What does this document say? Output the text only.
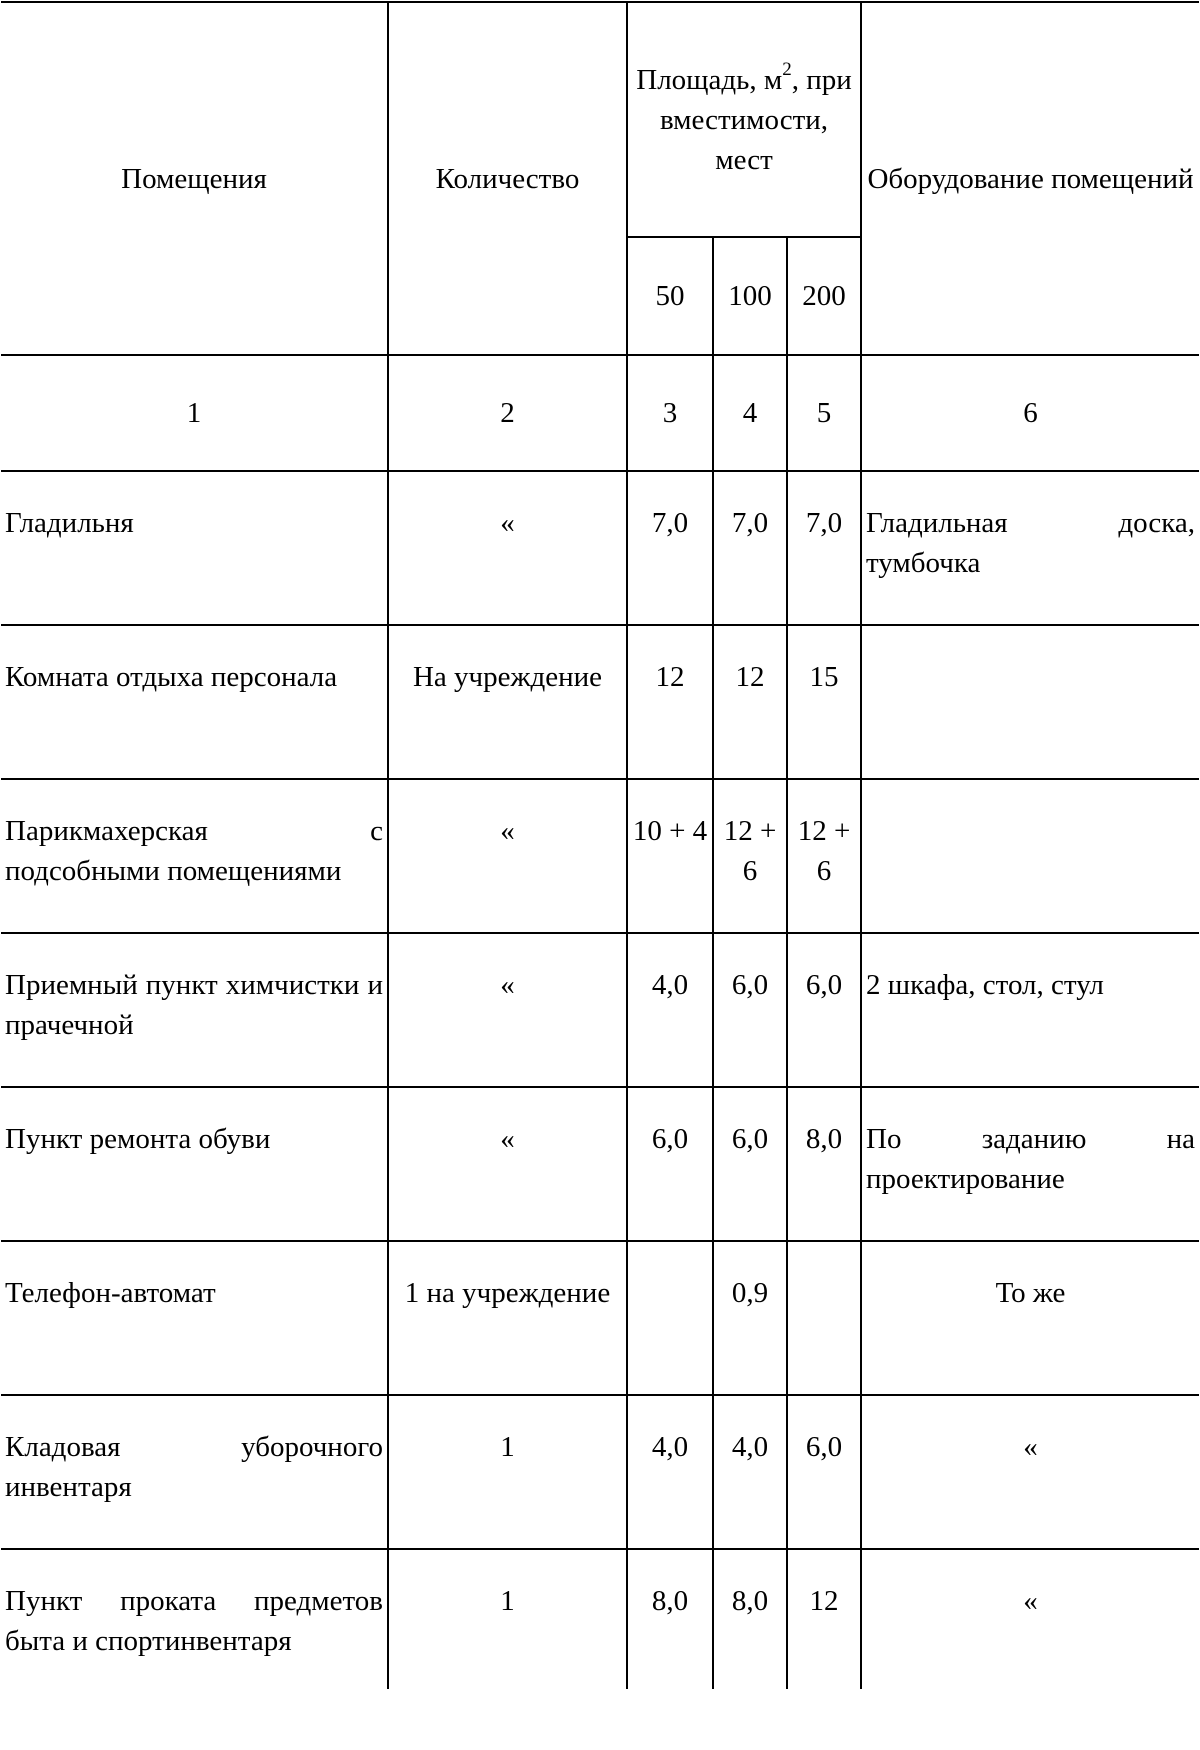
Помещения	Количество	Площадь, $м^2$, при вместимости, мест			Оборудование помещений
		50	100	200	
1	2	3	4	5	6
Гладильня	«	7,0	7,0	7,0	Гладильная доска, тумбочка
Комната отдыха персонала	На учреждение	12	12	15	
Парикмахерская с подсобными помещениями	«	10 + 4	12 + 6	12 + 6	
Приемный пункт химчистки и прачечной	«	4,0	6,0	6,0	2 шкафа, стол, стул
Пункт ремонта обуви	«	6,0	6,0	8,0	По заданию на проектирование
Телефон-автомат	1 на учреждение		0,9		То же
Кладовая уборочного инвентаря	1	4,0	4,0	6,0	«
Пункт проката предметов быта и спортинвентаря	1	8,0	8,0	12	«
